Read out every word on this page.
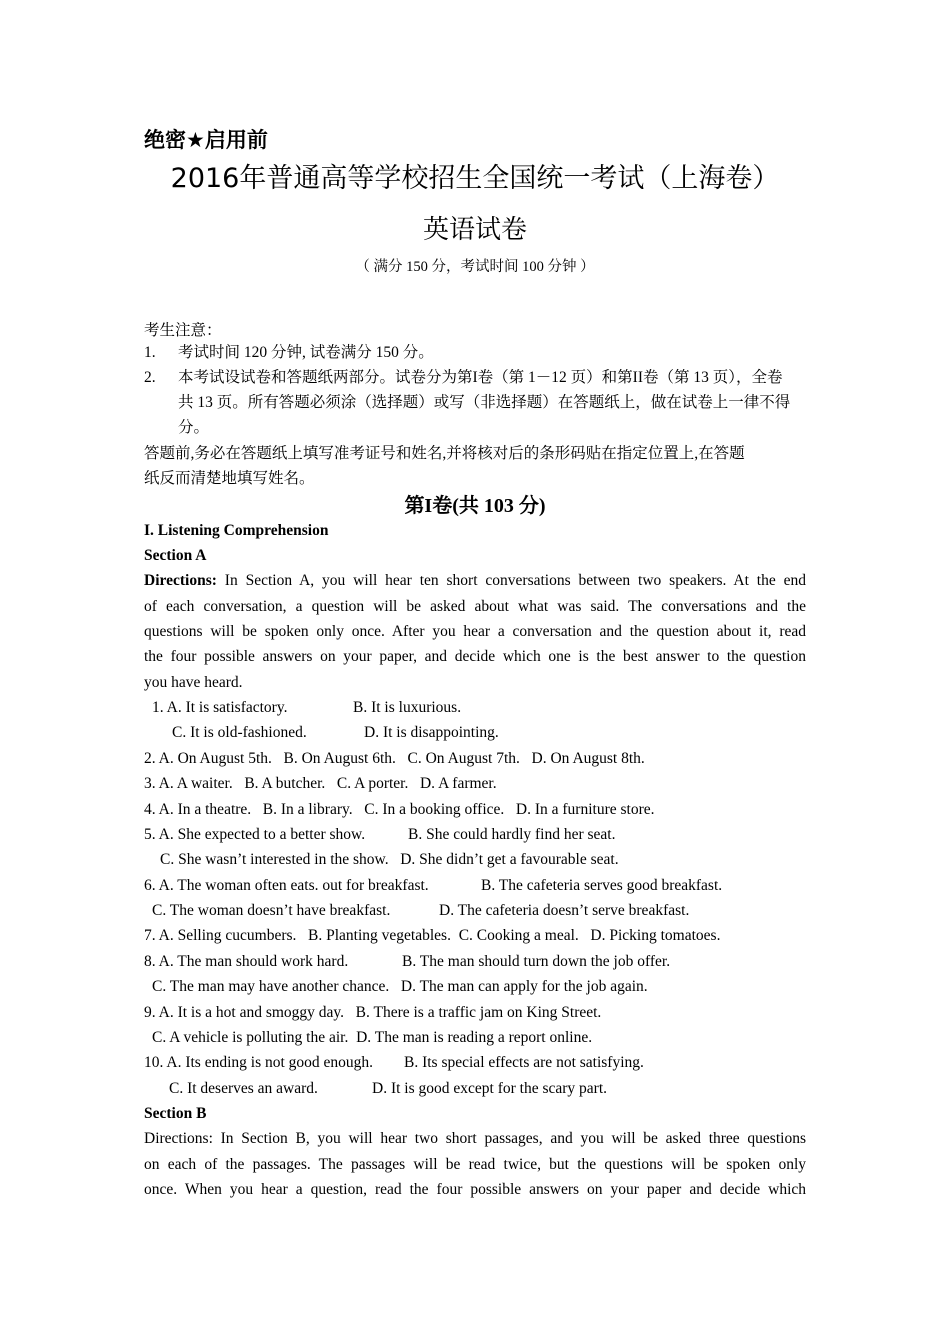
绝密★启用前
2016年普通高等学校招生全国统一考试（上海卷）
英语试卷
（ 满分 150 分，考试时间 100 分钟 ）
考生注意：
1. 考试时间 120 分钟, 试卷满分 150 分。
2. 本考试设试卷和答题纸两部分。试卷分为第I卷（第 1－12 页）和第II卷（第 13 页），全卷
共 13 页。所有答题必须涂（选择题）或写（非选择题）在答题纸上，做在试卷上一律不得
分。
答题前,务必在答题纸上填写准考证号和姓名,并将核对后的条形码贴在指定位置上,在答题
纸反而清楚地填写姓名。
第I卷(共 103 分)
I. Listening Comprehension
Section A
Directions: In Section A, you will hear ten short conversations between two speakers. At the end
of each conversation, a question will be asked about what was said. The conversations and the
questions will be spoken only once. After you hear a conversation and the question about it, read
the four possible answers on your paper, and decide which one is the best answer to the question
you have heard.
1. A. It is satisfactory.	B. It is luxurious.
C. It is old-fashioned.	D. It is disappointing.
2. A. On August 5th.   B. On August 6th.   C. On August 7th.   D. On August 8th.
3. A. A waiter.   B. A butcher.   C. A porter.   D. A farmer.
4. A. In a theatre.   B. In a library.   C. In a booking office.   D. In a furniture store.
5. A. She expected to a better show.	B. She could hardly find her seat.
C. She wasn’t interested in the show.   D. She didn’t get a favourable seat.
6. A. The woman often eats. out for breakfast.	B. The cafeteria serves good breakfast.
C. The woman doesn’t have breakfast.	D. The cafeteria doesn’t serve breakfast.
7. A. Selling cucumbers.   B. Planting vegetables.  C. Cooking a meal.   D. Picking tomatoes.
8. A. The man should work hard.	B. The man should turn down the job offer.
C. The man may have another chance.   D. The man can apply for the job again.
9. A. It is a hot and smoggy day.   B. There is a traffic jam on King Street.
C. A vehicle is polluting the air.  D. The man is reading a report online.
10. A. Its ending is not good enough. B. Its special effects are not satisfying.
C. It deserves an award.	D. It is good except for the scary part.
Section B
Directions: In Section B, you will hear two short passages, and you will be asked three questions
on each of the passages. The passages will be read twice, but the questions will be spoken only
once. When you hear a question, read the four possible answers on your paper and decide which
